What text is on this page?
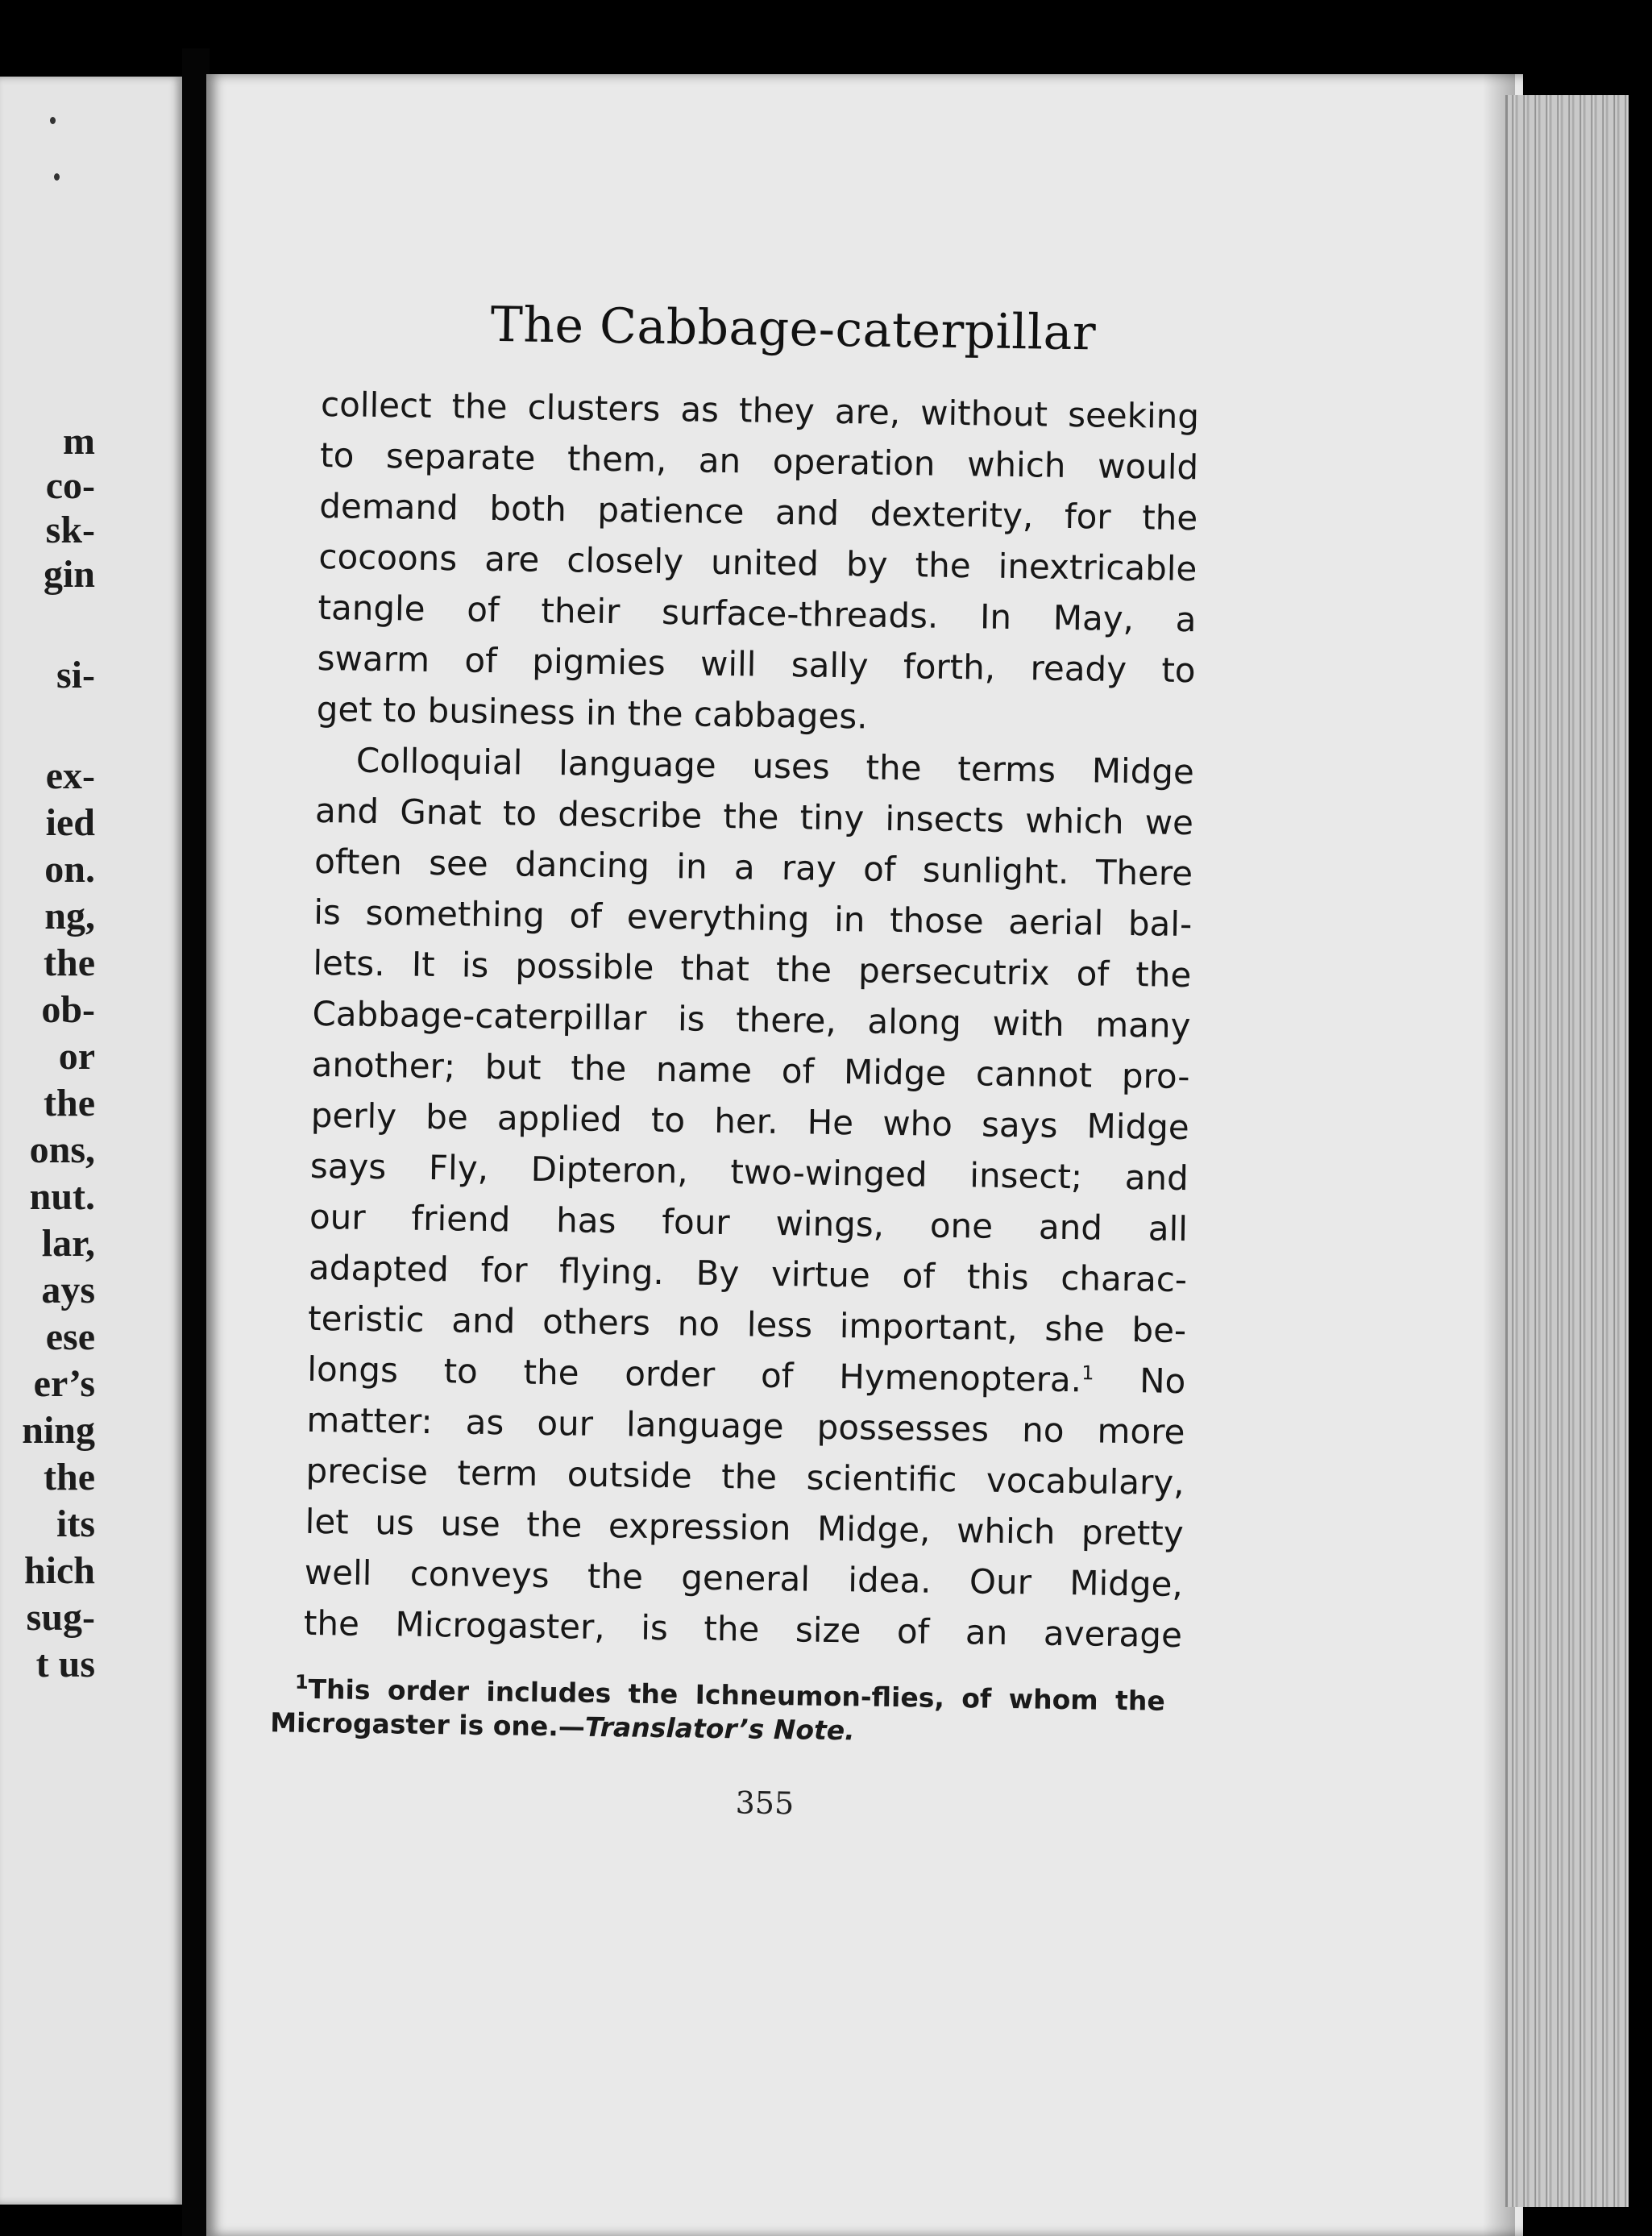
m
co-
sk-
gin
si-
ex-
ied
on.
ng,
the
ob-
or
the
ons,
nut.
lar,
ays
ese
er’s
ning
the
its
hich
sug-
t us
The Cabbage-caterpillar
collect the clusters as they are, without seeking
to separate them, an operation which would
demand both patience and dexterity, for the
cocoons are closely united by the inextricable
tangle of their surface-threads. In May, a
swarm of pigmies will sally forth, ready to
get to business in the cabbages.
Colloquial language uses the terms Midge
and Gnat to describe the tiny insects which we
often see dancing in a ray of sunlight. There
is something of everything in those aerial bal-
lets. It is possible that the persecutrix of the
Cabbage-caterpillar is there, along with many
another; but the name of Midge cannot pro-
perly be applied to her. He who says Midge
says Fly, Dipteron, two-winged insect; and
our friend has four wings, one and all
adapted for flying. By virtue of this charac-
teristic and others no less important, she be-
longs to the order of Hymenoptera.$^1$ No
matter: as our language possesses no more
precise term outside the scientific vocabulary,
let us use the expression Midge, which pretty
well conveys the general idea. Our Midge,
the Microgaster, is the size of an average
$^1$This order includes the Ichneumon-flies, of whom the
Microgaster is one.—Translator’s Note.
355
